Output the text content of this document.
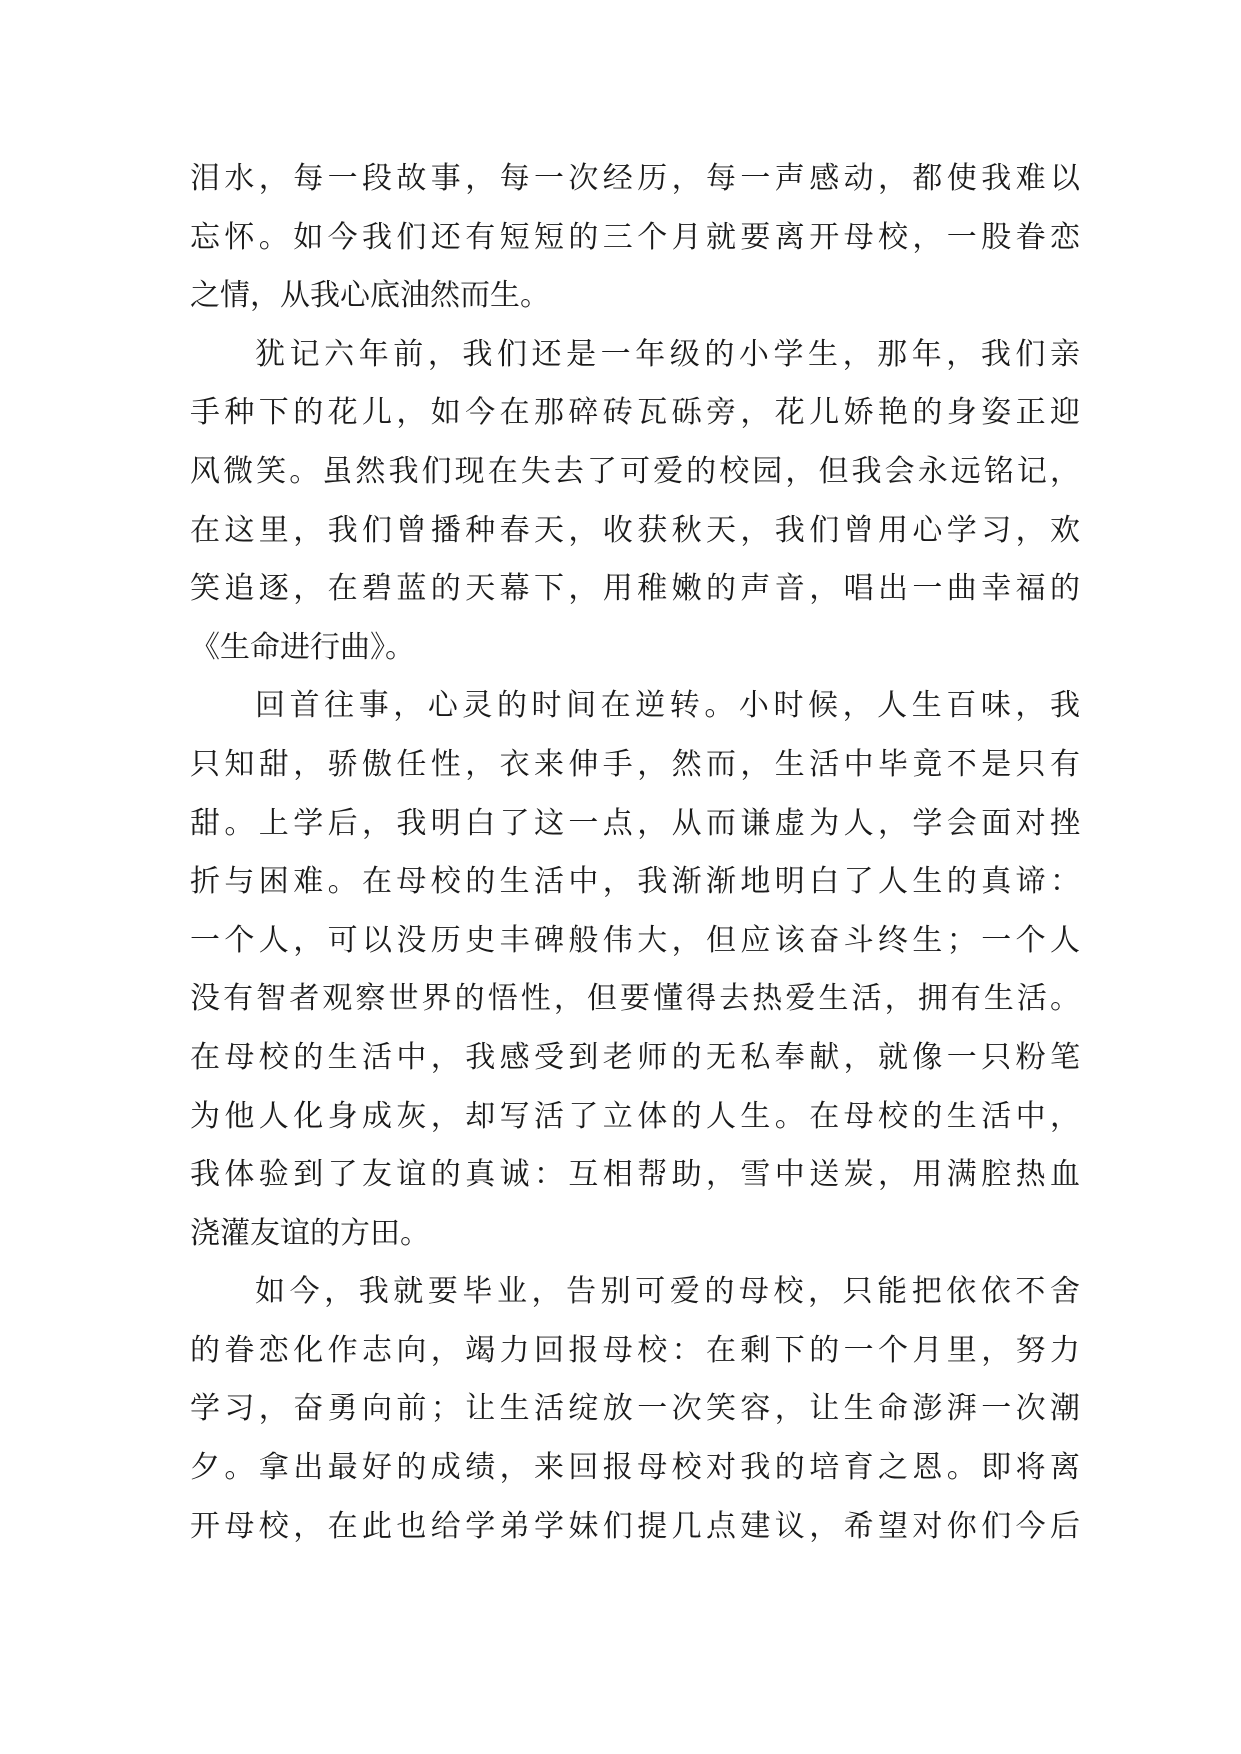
泪水，每一段故事，每一次经历，每一声感动，都使我难以
忘怀。如今我们还有短短的三个月就要离开母校，一股眷恋
之情，从我心底油然而生。
犹记六年前，我们还是一年级的小学生，那年，我们亲
手种下的花儿，如今在那碎砖瓦砾旁，花儿娇艳的身姿正迎
风微笑。虽然我们现在失去了可爱的校园，但我会永远铭记，
在这里，我们曾播种春天，收获秋天，我们曾用心学习，欢
笑追逐，在碧蓝的天幕下，用稚嫩的声音，唱出一曲幸福的
《生命进行曲》。
回首往事，心灵的时间在逆转。小时候，人生百味，我
只知甜，骄傲任性，衣来伸手，然而，生活中毕竟不是只有
甜。上学后，我明白了这一点，从而谦虚为人，学会面对挫
折与困难。在母校的生活中，我渐渐地明白了人生的真谛：
一个人，可以没历史丰碑般伟大，但应该奋斗终生；一个人
没有智者观察世界的悟性，但要懂得去热爱生活，拥有生活。
在母校的生活中，我感受到老师的无私奉献，就像一只粉笔
为他人化身成灰，却写活了立体的人生。在母校的生活中，
我体验到了友谊的真诚：互相帮助，雪中送炭，用满腔热血
浇灌友谊的方田。
如今，我就要毕业，告别可爱的母校，只能把依依不舍
的眷恋化作志向，竭力回报母校：在剩下的一个月里，努力
学习，奋勇向前；让生活绽放一次笑容，让生命澎湃一次潮
夕。拿出最好的成绩，来回报母校对我的培育之恩。即将离
开母校，在此也给学弟学妹们提几点建议，希望对你们今后
